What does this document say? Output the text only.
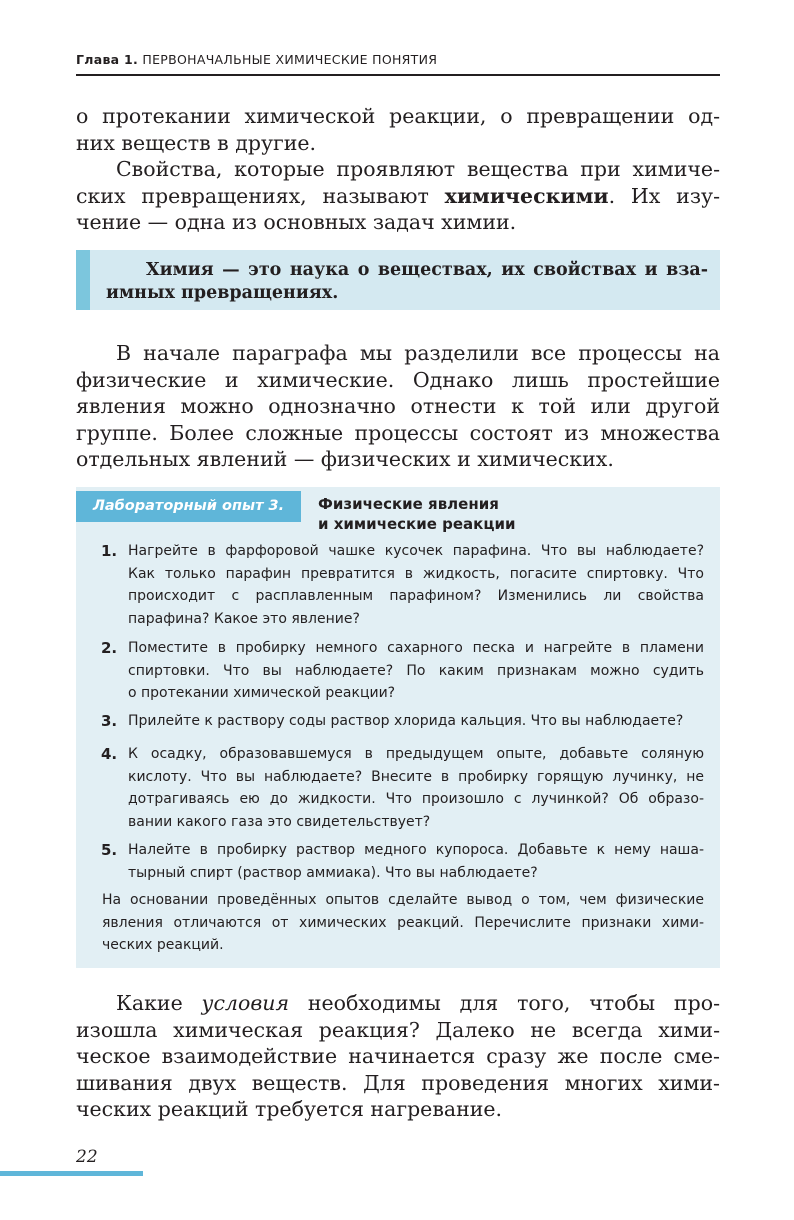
Глава 1. ПЕРВОНАЧАЛЬНЫЕ ХИМИЧЕСКИЕ ПОНЯТИЯ
о протекании химической реакции, о превращении од-
них веществ в другие.
Свойства, которые проявляют вещества при химиче-
ских превращениях, называют химическими. Их изу-
чение — одна из основных задач химии.
Химия — это наука о веществах, их свойствах и вза-
имных превращениях.
В начале параграфа мы разделили все процессы на
физические и химические. Однако лишь простейшие
явления можно однозначно отнести к той или другой
группе. Более сложные процессы состоят из множества
отдельных явлений — физических и химических.
Лабораторный опыт 3.	Физические явления
и химические реакции
1. Нагрейте в фарфоровой чашке кусочек парафина. Что вы наблюдаете?
Как только парафин превратится в жидкость, погасите спиртовку. Что
происходит с расплавленным парафином? Изменились ли свойства
парафина? Какое это явление?
2. Поместите в пробирку немного сахарного песка и нагрейте в пламени
спиртовки. Что вы наблюдаете? По каким признакам можно судить
о протекании химической реакции?
3. Прилейте к раствору соды раствор хлорида кальция. Что вы наблюдаете?
4. К осадку, образовавшемуся в предыдущем опыте, добавьте соляную
кислоту. Что вы наблюдаете? Внесите в пробирку горящую лучинку, не
дотрагиваясь ею до жидкости. Что произошло с лучинкой? Об образо-
вании какого газа это свидетельствует?
5. Налейте в пробирку раствор медного купороса. Добавьте к нему наша-
тырный спирт (раствор аммиака). Что вы наблюдаете?
На основании проведённых опытов сделайте вывод о том, чем физические
явления отличаются от химических реакций. Перечислите признаки хими-
ческих реакций.
Какие условия необходимы для того, чтобы про-
изошла химическая реакция? Далеко не всегда хими-
ческое взаимодействие начинается сразу же после сме-
шивания двух веществ. Для проведения многих хими-
ческих реакций требуется нагревание.
22
